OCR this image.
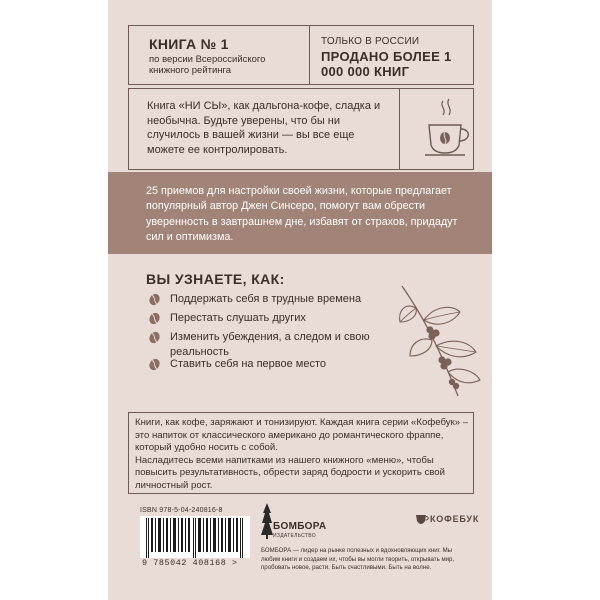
КНИГА № 1
по версии Всероссийского книжного рейтинга
ТОЛЬКО В РОССИИ
ПРОДАНО БОЛЕЕ 1 000 000 КНИГ
Книга «НИ СЫ», как дальгона-кофе, сладка и необычна. Будьте уверены, что бы ни случилось в вашей жизни — вы все еще можете ее контролировать.
25 приемов для настройки своей жизни, которые предлагает популярный автор Джен Синсеро, помогут вам обрести уверенность в завтрашнем дне, избавят от страхов, придадут сил и оптимизма.
ВЫ УЗНАЕТЕ, КАК:
Поддержать себя в трудные времена
Перестать слушать других
Изменить убеждения, а следом и свою реальность
Ставить себя на первое место
Книги, как кофе, заряжают и тонизируют. Каждая книга серии «Кофебук» – это напиток от классического американо до романтического фраппе, который удобно носить с собой.
Насладитесь всеми напитками из нашего книжного «меню», чтобы повысить результативность, обрести заряд бодрости и ускорить свой личностный рост.
ISBN 978-5-04-240816-8
9 785042 408168 >
БОМБОРА
ИЗДАТЕЛЬСТВО
БОМБОРА — лидер на рынке полезных и вдохновляющих книг. Мы любим книги и создаем их, чтобы вы могли творить, открывать мир, пробовать новое, расти. Быть счастливыми. Быть на волне.
КОФЕБУК
